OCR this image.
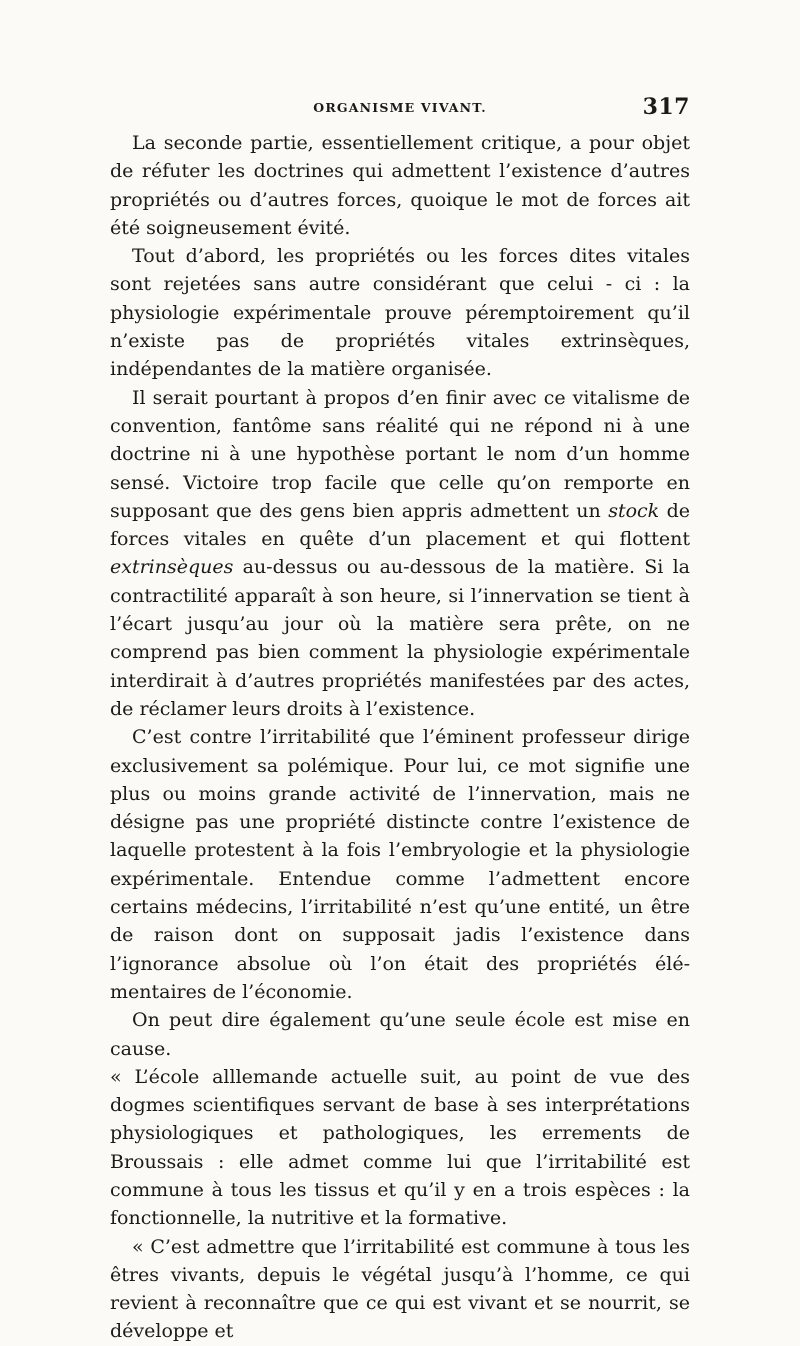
ORGANISME VIVANT.	317

La seconde partie, essentiellement critique, a pour objet de réfuter les doctrines qui admettent l’existence d’autres propriétés ou d’autres forces, quoique le mot de forces ait été soigneusement évité.

Tout d’abord, les propriétés ou les forces dites vitales sont rejetées sans autre considérant que celui - ci : la physiologie expérimentale prouve péremptoirement qu’il n’existe pas de propriétés vitales extrinsèques, indépendantes de la matière organisée.

Il serait pourtant à propos d’en finir avec ce vitalisme de convention, fantôme sans réalité qui ne répond ni à une doctrine ni à une hypothèse portant le nom d’un homme sensé. Victoire trop facile que celle qu’on remporte en supposant que des gens bien appris admettent un stock de forces vitales en quête d’un placement et qui flottent extrinsèques au-dessus ou au-dessous de la matière. Si la contractilité apparaît à son heure, si l’innervation se tient à l’écart jusqu’au jour où la matière sera prête, on ne comprend pas bien comment la physiologie expérimentale interdirait à d’autres propriétés manifestées par des actes, de réclamer leurs droits à l’existence.

C’est contre l’irritabilité que l’éminent professeur dirige exclusivement sa polémique. Pour lui, ce mot signifie une plus ou moins grande activité de l’innervation, mais ne désigne pas une propriété distincte contre l’existence de laquelle protestent à la fois l’embryologie et la physiologie expérimentale. Entendue comme l’admettent encore certains médecins, l’irritabilité n’est qu’une entité, un être de raison dont on supposait jadis l’existence dans l’ignorance absolue où l’on était des propriétés élémentaires de l’économie.

On peut dire également qu’une seule école est mise en cause.

« L’école alllemande actuelle suit, au point de vue des dogmes scientifiques servant de base à ses interprétations physiologiques et pathologiques, les errements de Broussais : elle admet comme lui que l’irritabilité est commune à tous les tissus et qu’il y en a trois espèces : la fonctionnelle, la nutritive et la formative.

« C’est admettre que l’irritabilité est commune à tous les êtres vivants, depuis le végétal jusqu’à l’homme, ce qui revient à reconnaître que ce qui est vivant et se nourrit, se développe et
